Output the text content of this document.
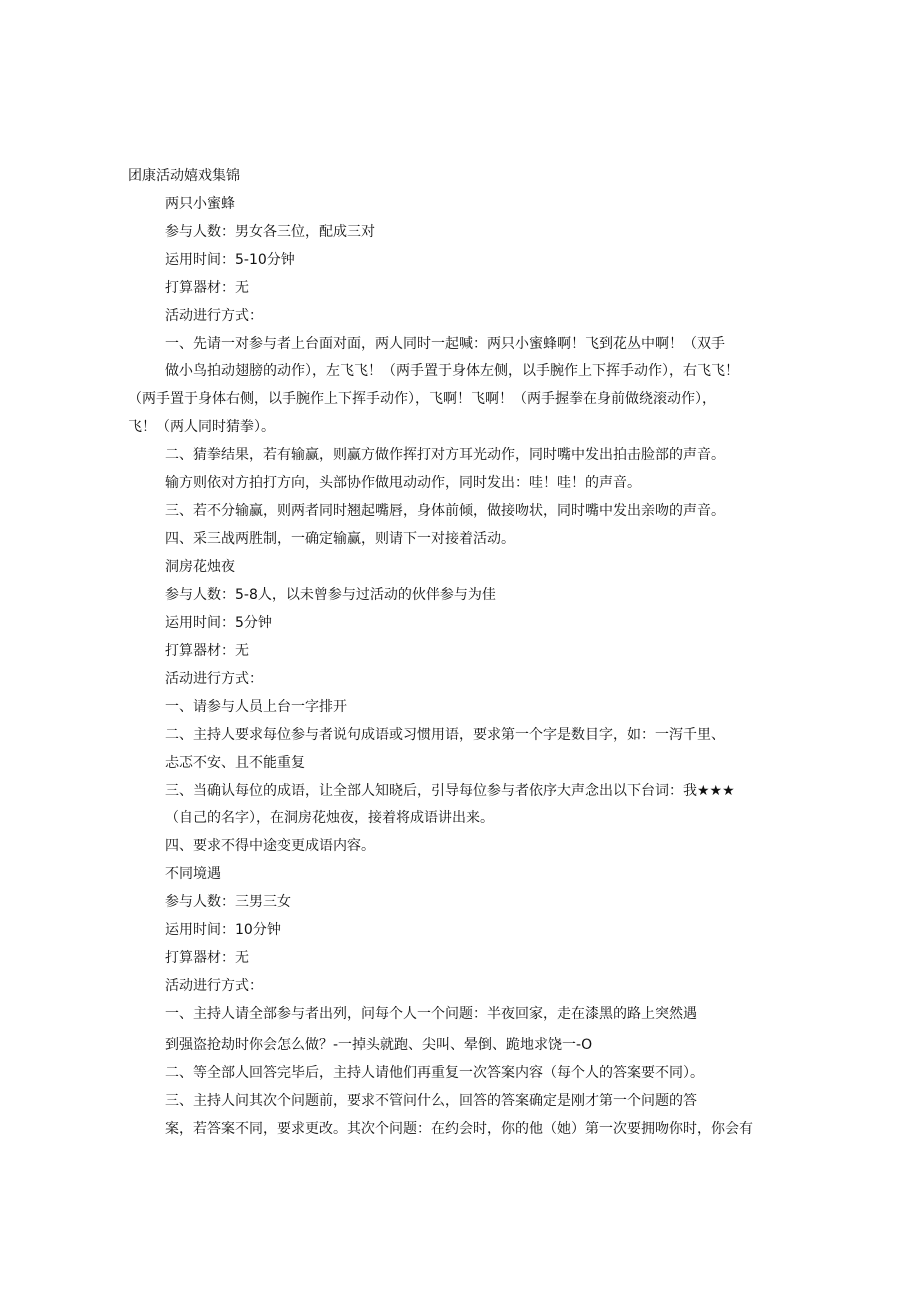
团康活动嬉戏集锦
两只小蜜蜂
参与人数：男女各三位，配成三对
运用时间：5-10分钟
打算器材：无
活动进行方式：
一、先请一对参与者上台面对面，两人同时一起喊：两只小蜜蜂啊！飞到花丛中啊！（双手
做小鸟拍动翅膀的动作），左飞飞！（两手置于身体左侧，以手腕作上下挥手动作），右飞飞！
（两手置于身体右侧，以手腕作上下挥手动作），飞啊！飞啊！（两手握拳在身前做绕滚动作），
飞！（两人同时猜拳）。
二、猜拳结果，若有输赢，则赢方做作挥打对方耳光动作，同时嘴中发出拍击脸部的声音。
输方则依对方拍打方向，头部协作做甩动动作，同时发出：哇！哇！的声音。
三、若不分输赢，则两者同时翘起嘴唇，身体前倾，做接吻状，同时嘴中发出亲吻的声音。
四、采三战两胜制，一确定输赢，则请下一对接着活动。
洞房花烛夜
参与人数：5-8人，以未曾参与过活动的伙伴参与为佳
运用时间：5分钟
打算器材：无
活动进行方式：
一、请参与人员上台一字排开
二、主持人要求每位参与者说句成语或习惯用语，要求第一个字是数目字，如：一泻千里、
忐忑不安、且不能重复
三、当确认每位的成语，让全部人知晓后，引导每位参与者依序大声念出以下台词：我★★★
（自己的名字），在洞房花烛夜，接着将成语讲出来。
四、要求不得中途变更成语内容。
不同境遇
参与人数：三男三女
运用时间：10分钟
打算器材：无
活动进行方式：
一、主持人请全部参与者出列，问每个人一个问题：半夜回家，走在漆黑的路上突然遇
到强盗抢劫时你会怎么做？-一掉头就跑、尖叫、晕倒、跪地求饶一-O
二、等全部人回答完毕后，主持人请他们再重复一次答案内容（每个人的答案要不同）。
三、主持人问其次个问题前，要求不管问什么，回答的答案确定是刚才第一个问题的答
案，若答案不同，要求更改。其次个问题：在约会时，你的他（她）第一次要拥吻你时，你会有
